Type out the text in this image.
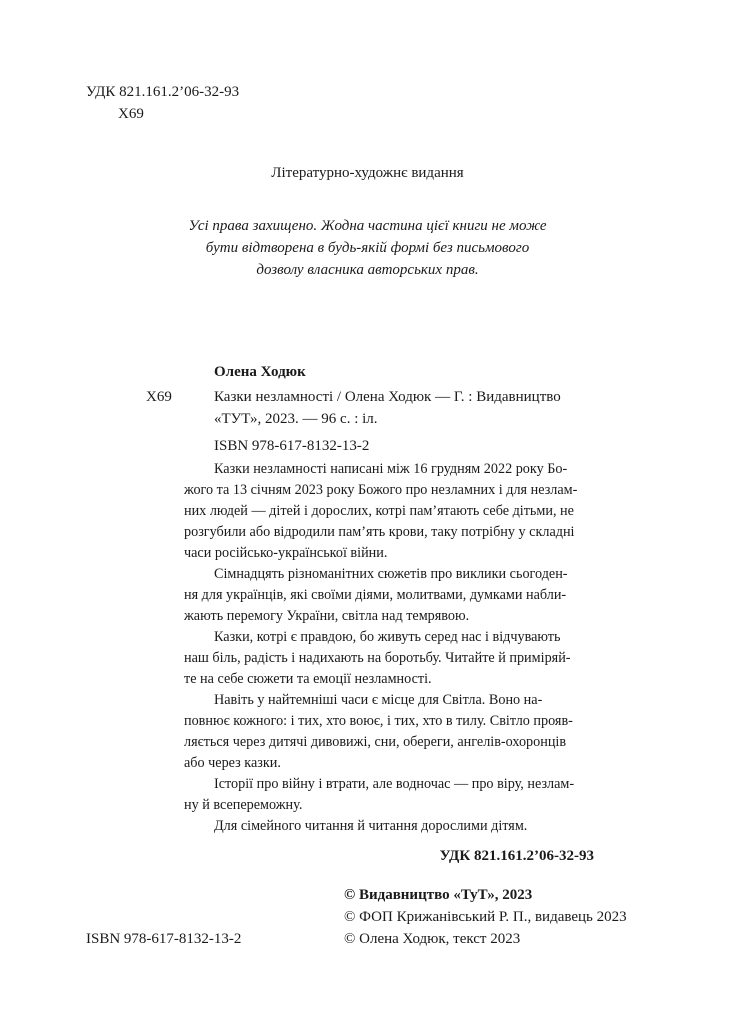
УДК 821.161.2’06-32-93
Х69
Літературно-художнє видання
Усі права захищено. Жодна частина цієї книги не може
бути відтворена в будь-якій формі без письмового
дозволу власника авторських прав.
Олена Ходюк
Х69	Казки незламності / Олена Ходюк — Г. : Видавництво
«ТУТ», 2023. — 96 с. : іл.
ISBN 978-617-8132-13-2
Казки незламності написані між 16 грудням 2022 року Бо-
жого та 13 січням 2023 року Божого про незламних і для незлам-
них людей — дітей і дорослих, котрі пам’ятають себе дітьми, не
розгубили або відродили пам’ять крови, таку потрібну у складні
часи російсько-української війни.
Сімнадцять різноманітних сюжетів про виклики сьогоден-
ня для українців, які своїми діями, молитвами, думками набли-
жають перемогу України, світла над темрявою.
Казки, котрі є правдою, бо живуть серед нас і відчувають
наш біль, радість і надихають на боротьбу. Читайте й приміряй-
те на себе сюжети та емоції незламності.
Навіть у найтемніші часи є місце для Світла. Воно на-
повнює кожного: і тих, хто воює, і тих, хто в тилу. Світло прояв-
ляється через дитячі дивовижі, сни, обереги, ангелів-охоронців
або через казки.
Історії про війну і втрати, але водночас — про віру, незлам-
ну й всепереможну.
Для сімейного читання й читання дорослими дітям.
УДК 821.161.2’06-32-93
© Видавництво «ТуТ», 2023
© ФОП Крижанівський Р. П., видавець 2023
ISBN 978-617-8132-13-2	© Олена Ходюк, текст 2023
